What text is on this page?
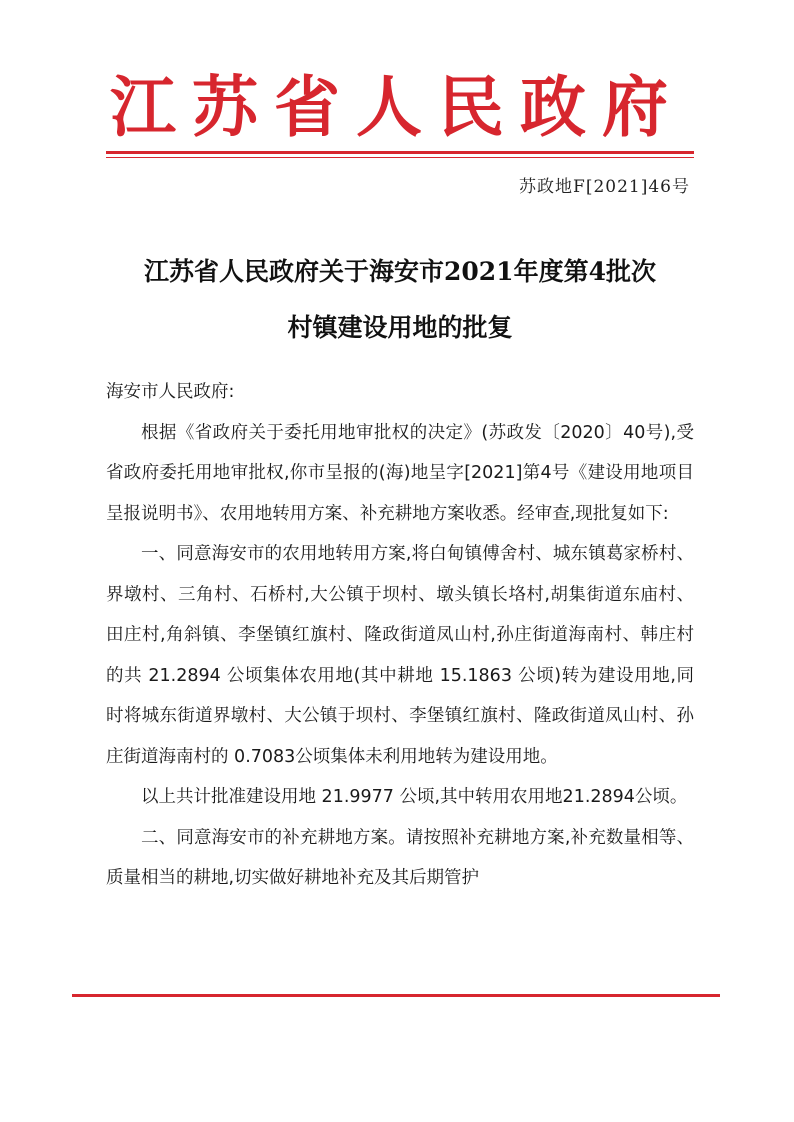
江苏省人民政府
苏政地F[2021]46号
江苏省人民政府关于海安市2021年度第4批次
村镇建设用地的批复

海安市人民政府:

根据《省政府关于委托用地审批权的决定》(苏政发〔2020〕40号),受省政府委托用地审批权,你市呈报的(海)地呈字[2021]第4号《建设用地项目呈报说明书》、农用地转用方案、补充耕地方案收悉。经审查,现批复如下:

一、同意海安市的农用地转用方案,将白甸镇傅舍村、城东镇葛家桥村、界墩村、三角村、石桥村,大公镇于坝村、墩头镇长垎村,胡集街道东庙村、田庄村,角斜镇、李堡镇红旗村、隆政街道凤山村,孙庄街道海南村、韩庄村的共 21.2894 公顷集体农用地(其中耕地 15.1863 公顷)转为建设用地,同时将城东街道界墩村、大公镇于坝村、李堡镇红旗村、隆政街道凤山村、孙庄街道海南村的 0.7083公顷集体未利用地转为建设用地。

以上共计批准建设用地 21.9977 公顷,其中转用农用地21.2894公顷。

二、同意海安市的补充耕地方案。请按照补充耕地方案,补充数量相等、质量相当的耕地,切实做好耕地补充及其后期管护
